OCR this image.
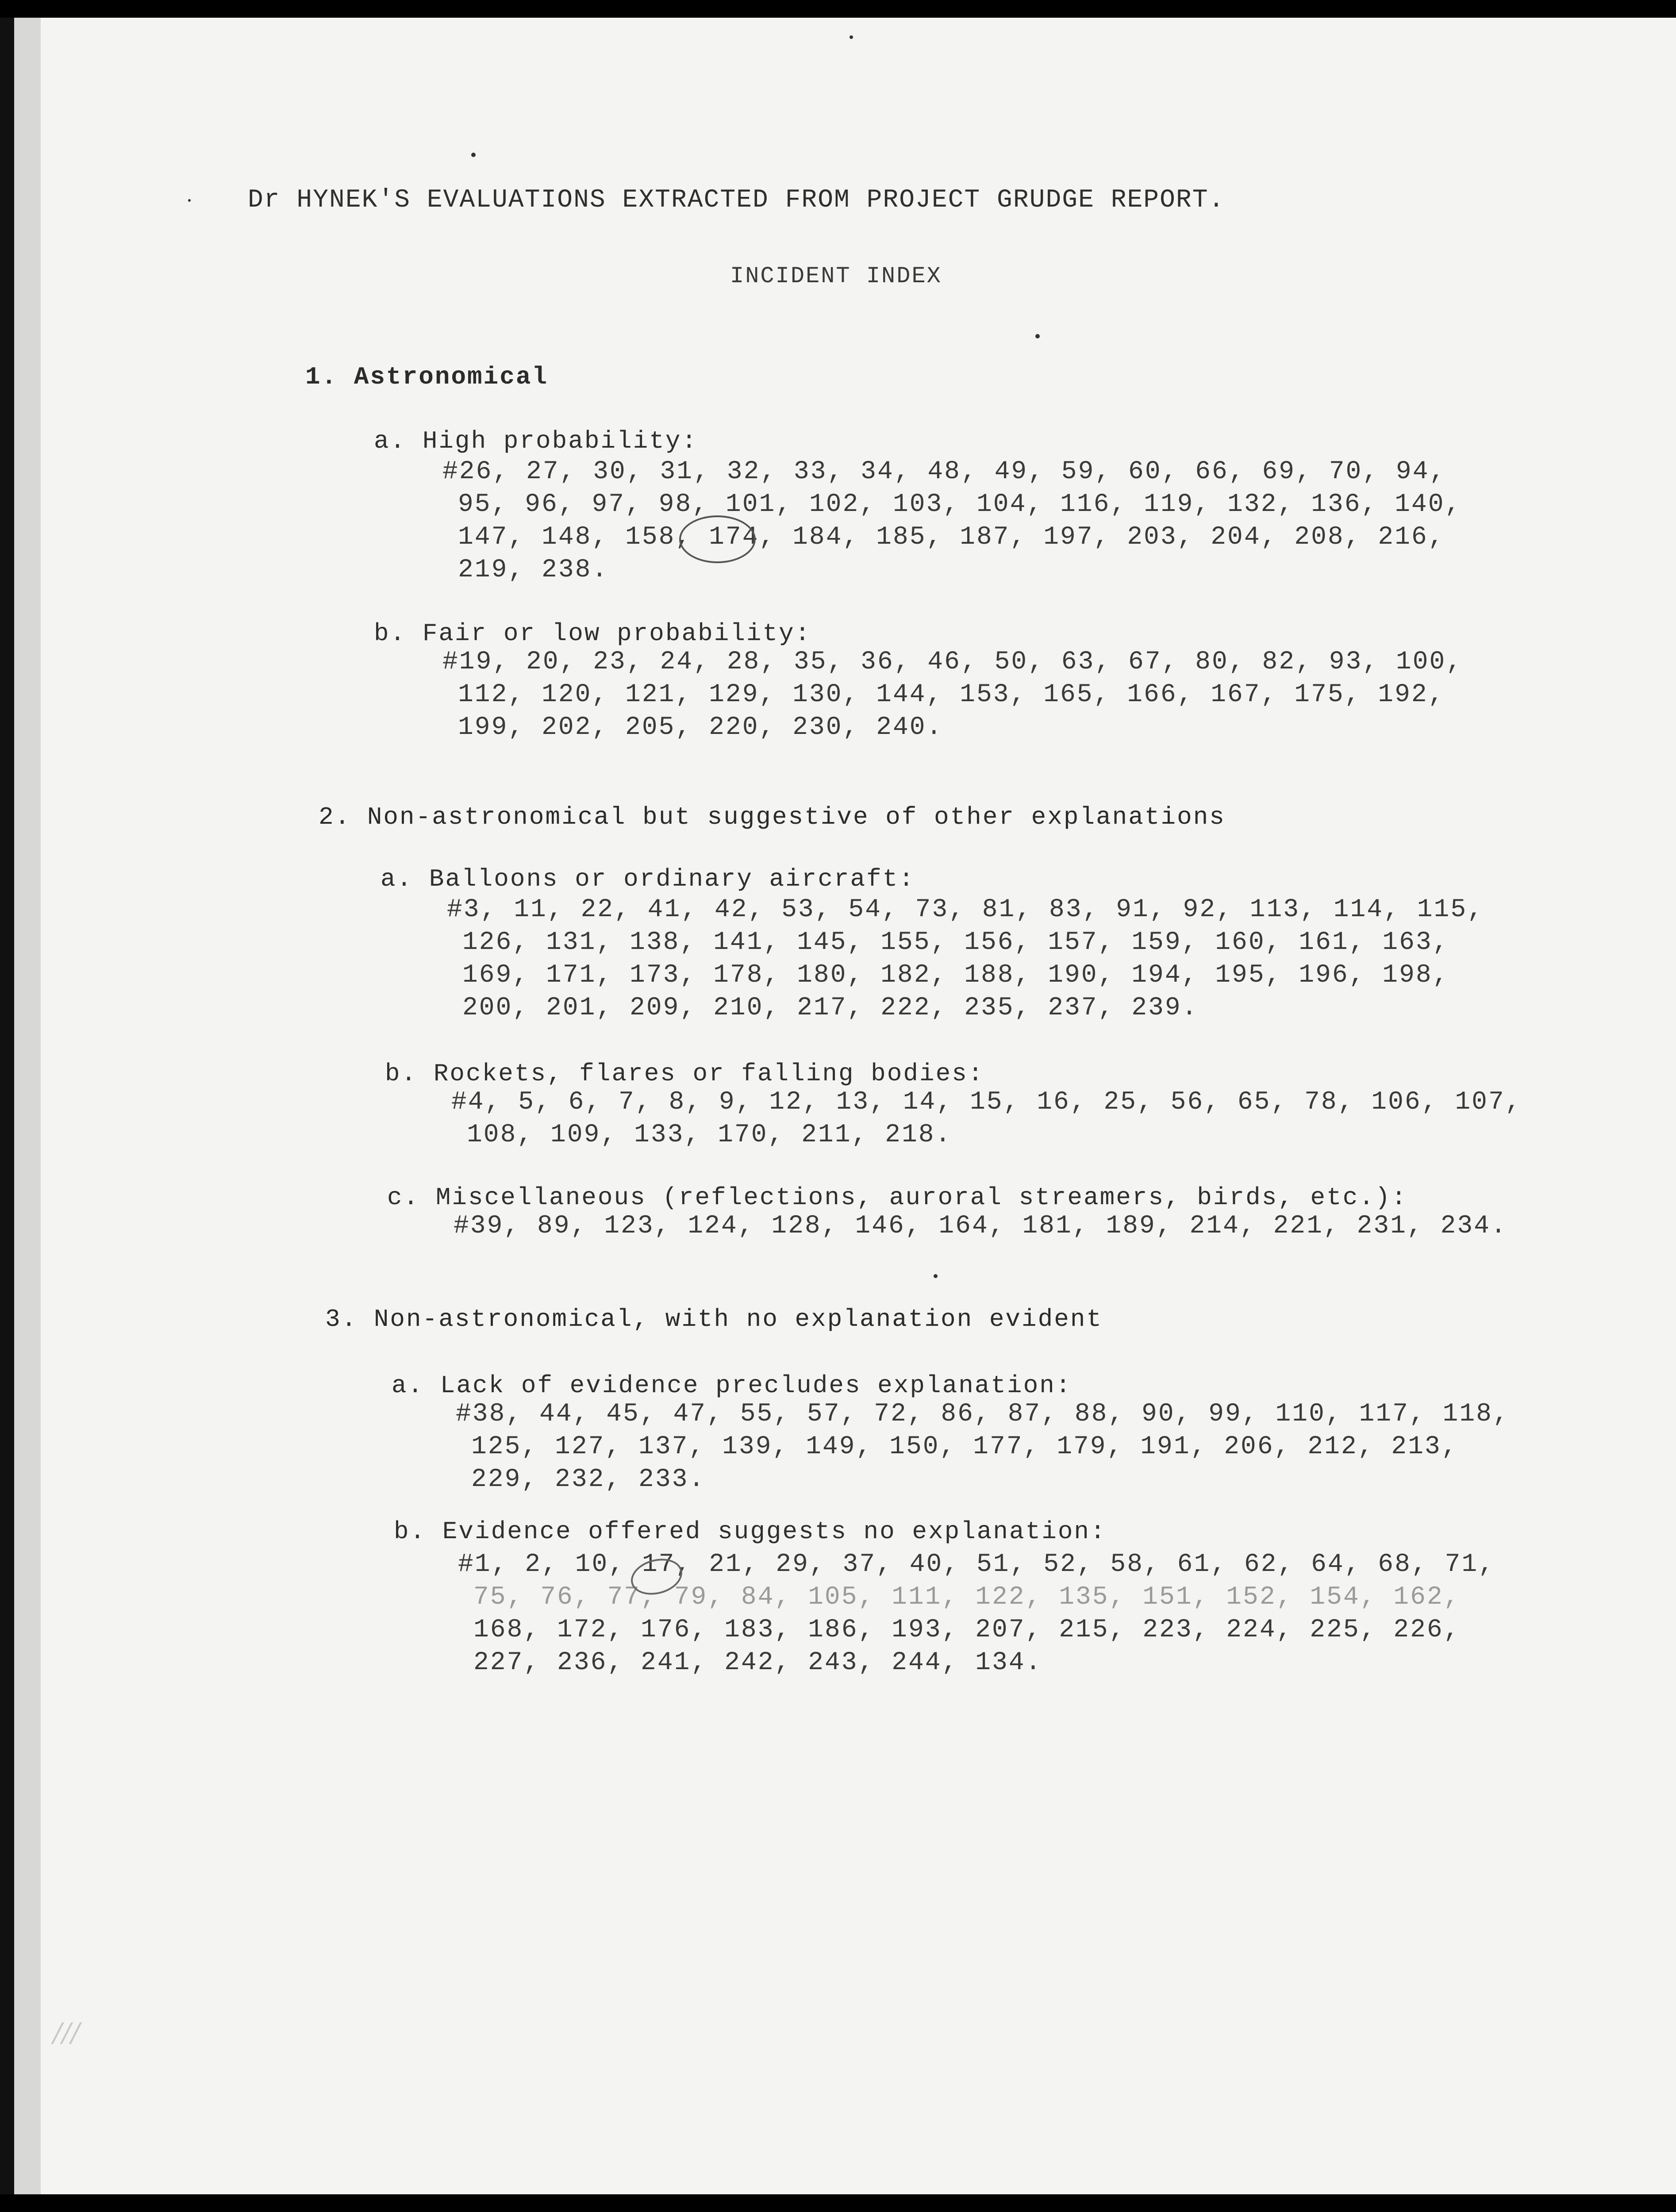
Dr HYNEK'S EVALUATIONS EXTRACTED FROM PROJECT GRUDGE REPORT.
INCIDENT INDEX
1. Astronomical
a. High probability:
#26, 27, 30, 31, 32, 33, 34, 48, 49, 59, 60, 66, 69, 70, 94,
95, 96, 97, 98, 101, 102, 103, 104, 116, 119, 132, 136, 140,
147, 148, 158, 174, 184, 185, 187, 197, 203, 204, 208, 216,
219, 238.
b. Fair or low probability:
#19, 20, 23, 24, 28, 35, 36, 46, 50, 63, 67, 80, 82, 93, 100,
112, 120, 121, 129, 130, 144, 153, 165, 166, 167, 175, 192,
199, 202, 205, 220, 230, 240.
2. Non-astronomical but suggestive of other explanations
a. Balloons or ordinary aircraft:
#3, 11, 22, 41, 42, 53, 54, 73, 81, 83, 91, 92, 113, 114, 115,
126, 131, 138, 141, 145, 155, 156, 157, 159, 160, 161, 163,
169, 171, 173, 178, 180, 182, 188, 190, 194, 195, 196, 198,
200, 201, 209, 210, 217, 222, 235, 237, 239.
b. Rockets, flares or falling bodies:
#4, 5, 6, 7, 8, 9, 12, 13, 14, 15, 16, 25, 56, 65, 78, 106, 107,
108, 109, 133, 170, 211, 218.
c. Miscellaneous (reflections, auroral streamers, birds, etc.):
#39, 89, 123, 124, 128, 146, 164, 181, 189, 214, 221, 231, 234.
3. Non-astronomical, with no explanation evident
a. Lack of evidence precludes explanation:
#38, 44, 45, 47, 55, 57, 72, 86, 87, 88, 90, 99, 110, 117, 118,
125, 127, 137, 139, 149, 150, 177, 179, 191, 206, 212, 213,
229, 232, 233.
b. Evidence offered suggests no explanation:
#1, 2, 10, 17, 21, 29, 37, 40, 51, 52, 58, 61, 62, 64, 68, 71,
75, 76, 77, 79, 84, 105, 111, 122, 135, 151, 152, 154, 162,
168, 172, 176, 183, 186, 193, 207, 215, 223, 224, 225, 226,
227, 236, 241, 242, 243, 244, 134.
///
